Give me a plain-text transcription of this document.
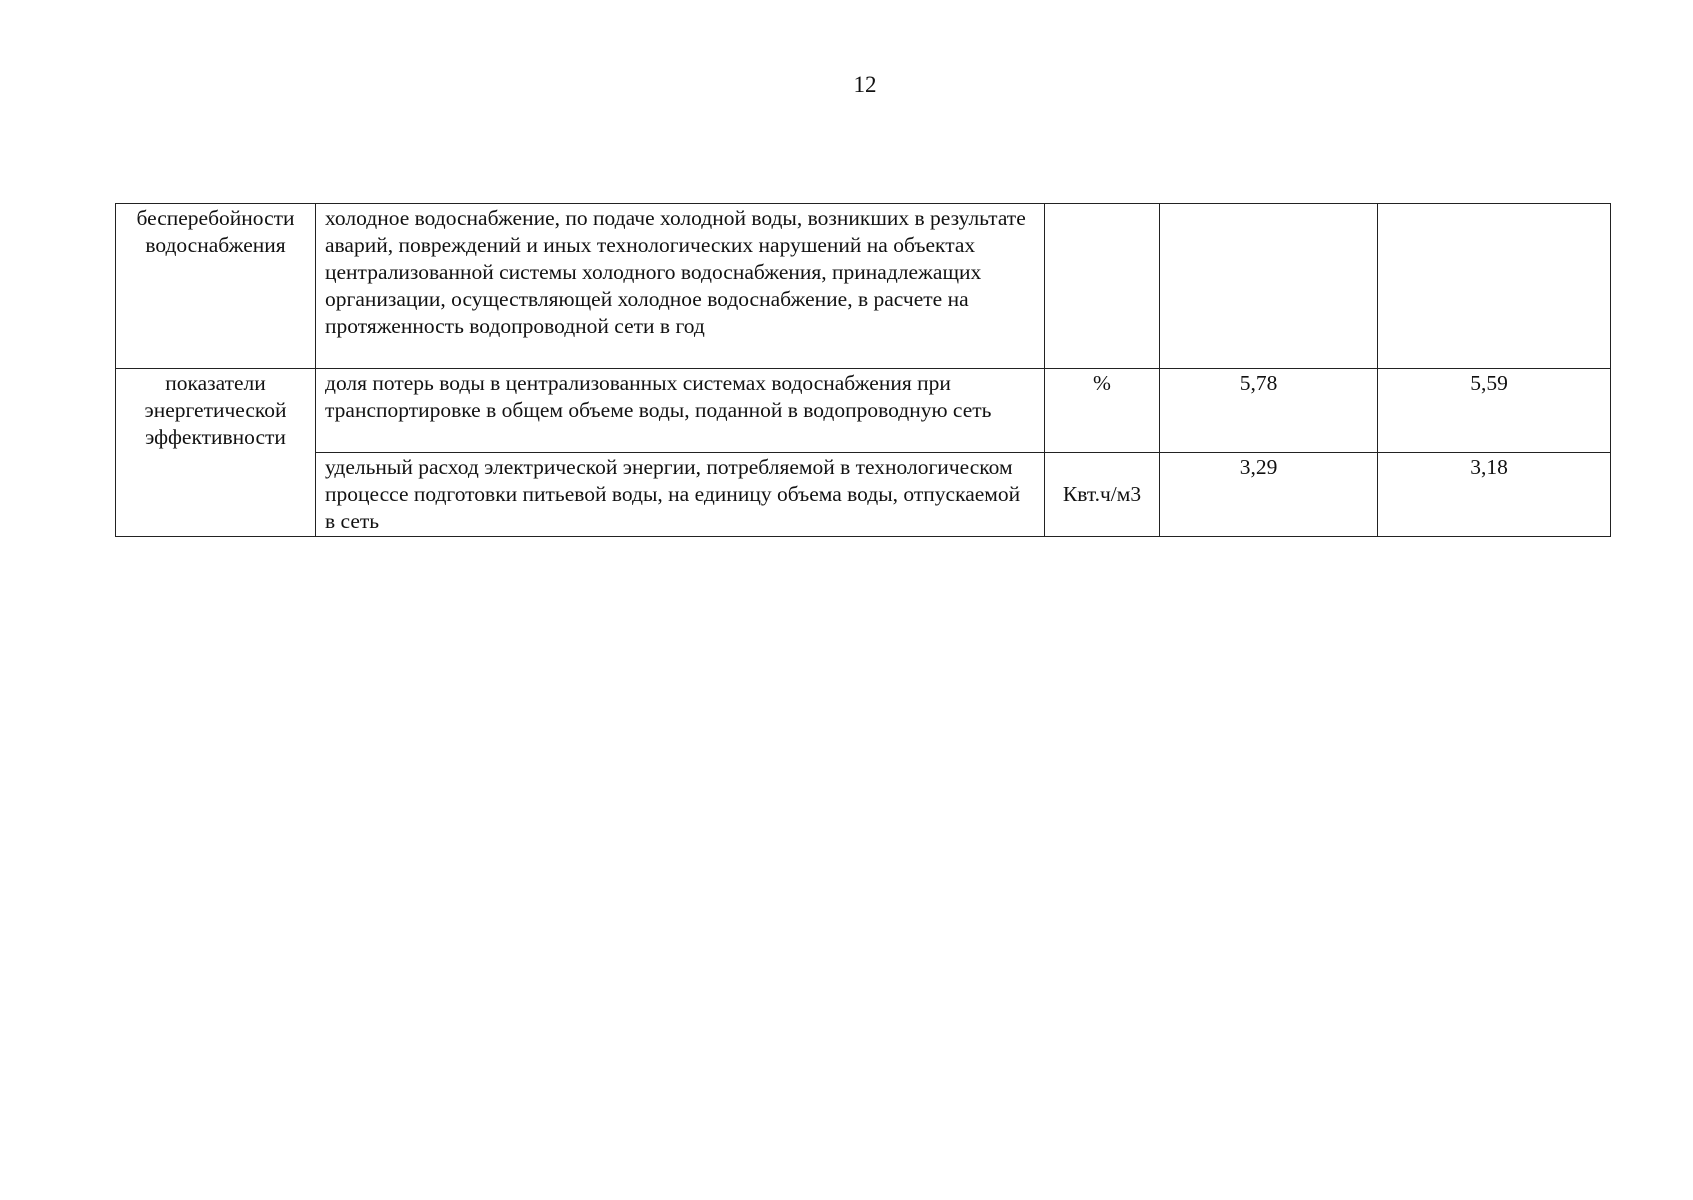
12
бесперебойности водоснабжения	холодное водоснабжение, по подаче холодной воды, возникших в результате аварий, повреждений и иных технологических нарушений на объектах централизованной системы холодного водоснабжения, принадлежащих организации, осуществляющей холодное водоснабжение, в расчете на протяженность водопроводной сети в год			
показатели энергетической эффективности	доля потерь воды в централизованных системах водоснабжения при транспортировке в общем объеме воды, поданной в водопроводную сеть	%	5,78	5,59
	удельный расход электрической энергии, потребляемой в технологическом процессе подготовки питьевой воды, на единицу объема воды, отпускаемой в сеть	Квт.ч/м3	3,29	3,18
